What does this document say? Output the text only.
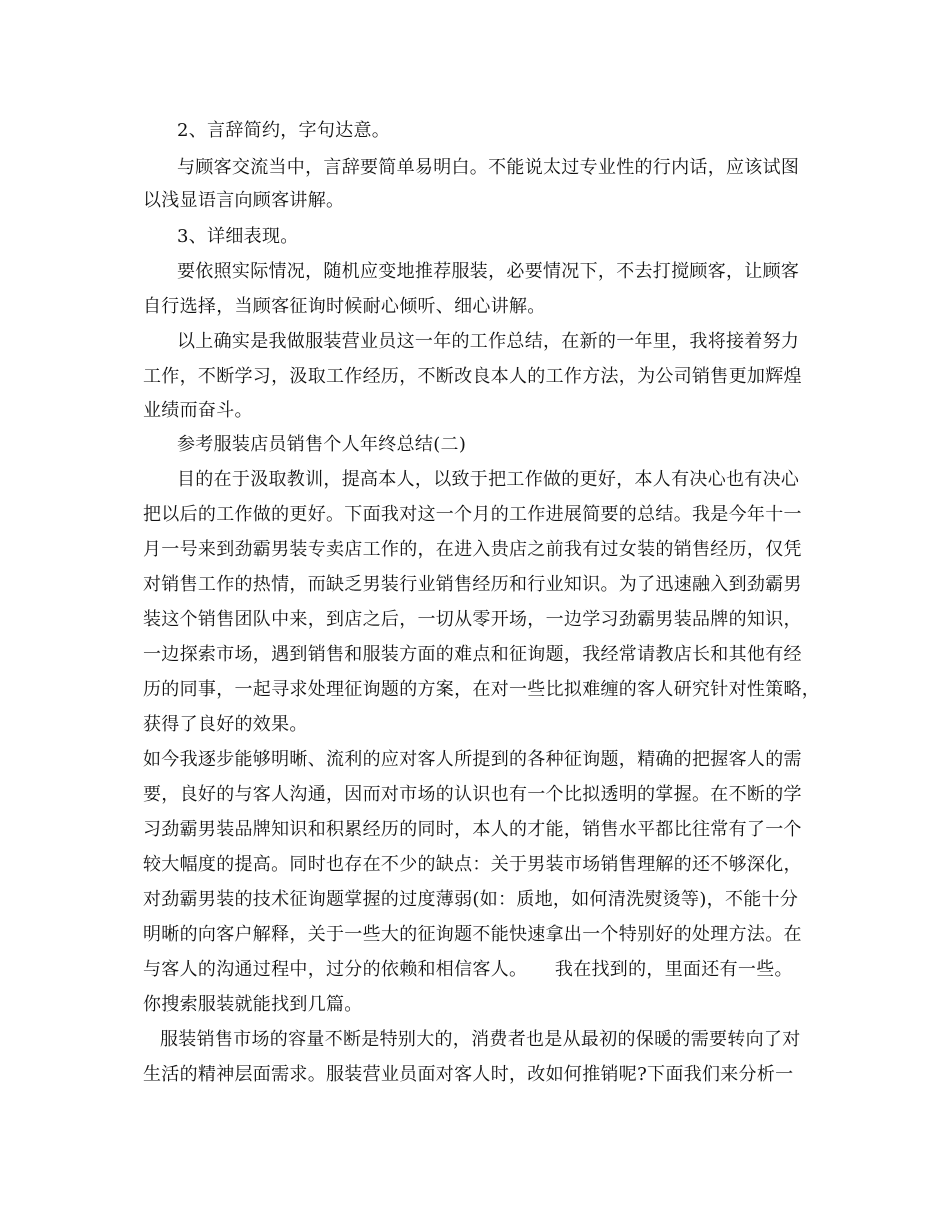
2、言辞简约，字句达意。
与顾客交流当中，言辞要简单易明白。不能说太过专业性的行内话，应该试图
以浅显语言向顾客讲解。
3、详细表现。
要依照实际情况，随机应变地推荐服装，必要情况下，不去打搅顾客，让顾客
自行选择，当顾客征询时候耐心倾听、细心讲解。
以上确实是我做服装营业员这一年的工作总结，在新的一年里，我将接着努力
工作，不断学习，汲取工作经历，不断改良本人的工作方法，为公司销售更加辉煌
业绩而奋斗。
参考服装店员销售个人年终总结(二)
目的在于汲取教训，提高本人，以致于把工作做的更好，本人有决心也有决心
把以后的工作做的更好。下面我对这一个月的工作进展简要的总结。我是今年十一
月一号来到劲霸男装专卖店工作的，在进入贵店之前我有过女装的销售经历，仅凭
对销售工作的热情，而缺乏男装行业销售经历和行业知识。为了迅速融入到劲霸男
装这个销售团队中来，到店之后，一切从零开场，一边学习劲霸男装品牌的知识，
一边探索市场，遇到销售和服装方面的难点和征询题，我经常请教店长和其他有经
历的同事，一起寻求处理征询题的方案，在对一些比拟难缠的客人研究针对性策略，
获得了良好的效果。
如今我逐步能够明晰、流利的应对客人所提到的各种征询题，精确的把握客人的需
要，良好的与客人沟通，因而对市场的认识也有一个比拟透明的掌握。在不断的学
习劲霸男装品牌知识和积累经历的同时，本人的才能，销售水平都比往常有了一个
较大幅度的提高。同时也存在不少的缺点：关于男装市场销售理解的还不够深化，
对劲霸男装的技术征询题掌握的过度薄弱(如：质地，如何清洗熨烫等)，不能十分
明晰的向客户解释，关于一些大的征询题不能快速拿出一个特别好的处理方法。在
与客人的沟通过程中，过分的依赖和相信客人。　　我在找到的，里面还有一些。
你搜索服装就能找到几篇。
服装销售市场的容量不断是特别大的，消费者也是从最初的保暖的需要转向了对
生活的精神层面需求。服装营业员面对客人时，改如何推销呢?下面我们来分析一
